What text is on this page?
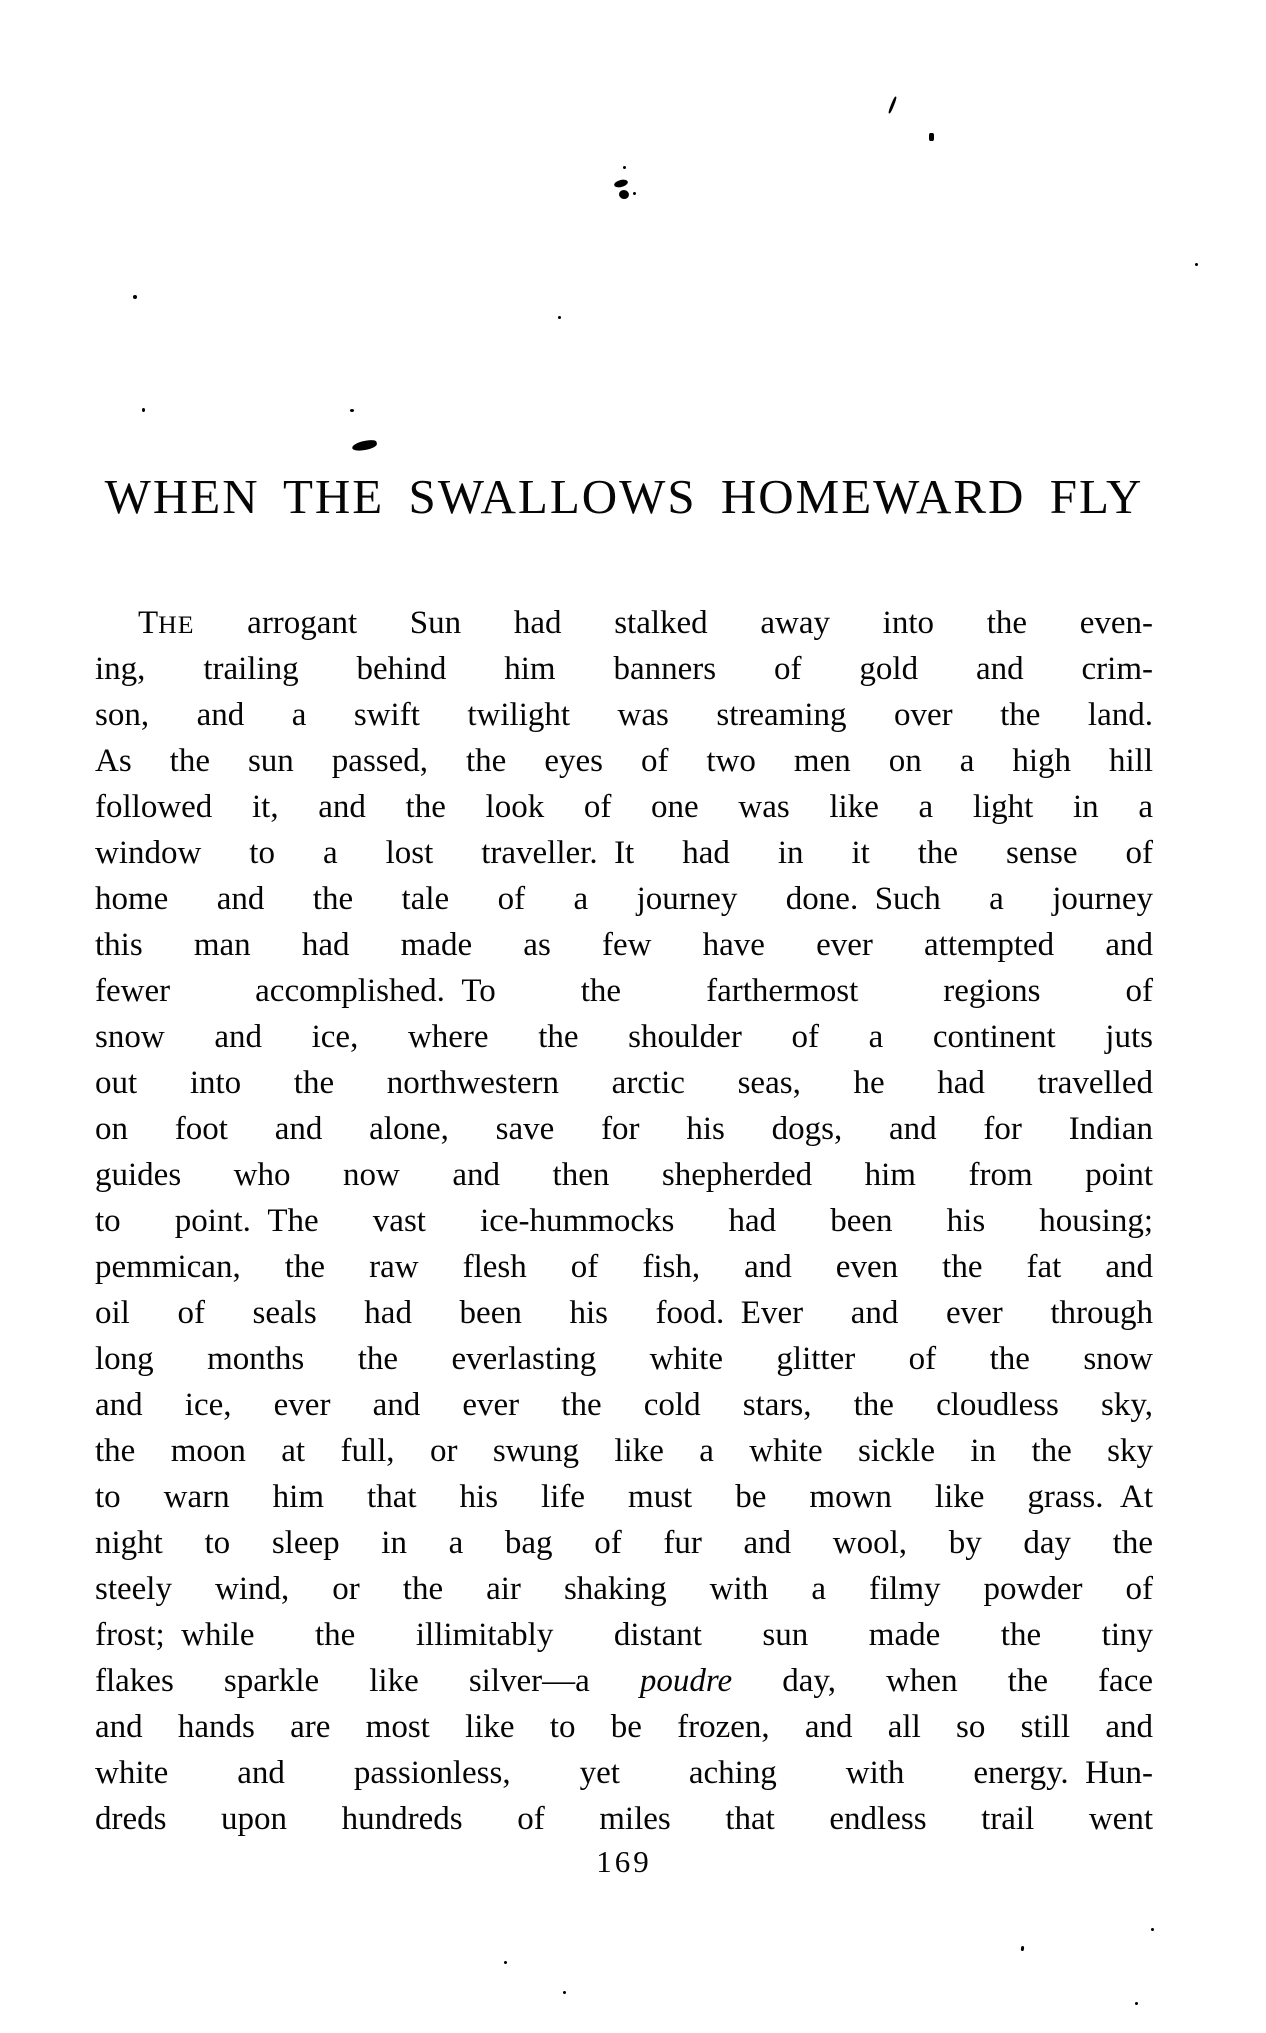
WHEN THE SWALLOWS HOMEWARD FLY
THE arrogant Sun had stalked away into the even-
ing, trailing behind him banners of gold and crim-
son, and a swift twilight was streaming over the land.
As the sun passed, the eyes of two men on a high hill
followed it, and the look of one was like a light in a
window to a lost traveller. It had in it the sense of
home and the tale of a journey done. Such a journey
this man had made as few have ever attempted and
fewer accomplished. To the farthermost regions of
snow and ice, where the shoulder of a continent juts
out into the northwestern arctic seas, he had travelled
on foot and alone, save for his dogs, and for Indian
guides who now and then shepherded him from point
to point. The vast ice-hummocks had been his housing;
pemmican, the raw flesh of fish, and even the fat and
oil of seals had been his food. Ever and ever through
long months the everlasting white glitter of the snow
and ice, ever and ever the cold stars, the cloudless sky,
the moon at full, or swung like a white sickle in the sky
to warn him that his life must be mown like grass. At
night to sleep in a bag of fur and wool, by day the
steely wind, or the air shaking with a filmy powder of
frost; while the illimitably distant sun made the tiny
flakes sparkle like silver—a poudre day, when the face
and hands are most like to be frozen, and all so still and
white and passionless, yet aching with energy. Hun-
dreds upon hundreds of miles that endless trail went
169
